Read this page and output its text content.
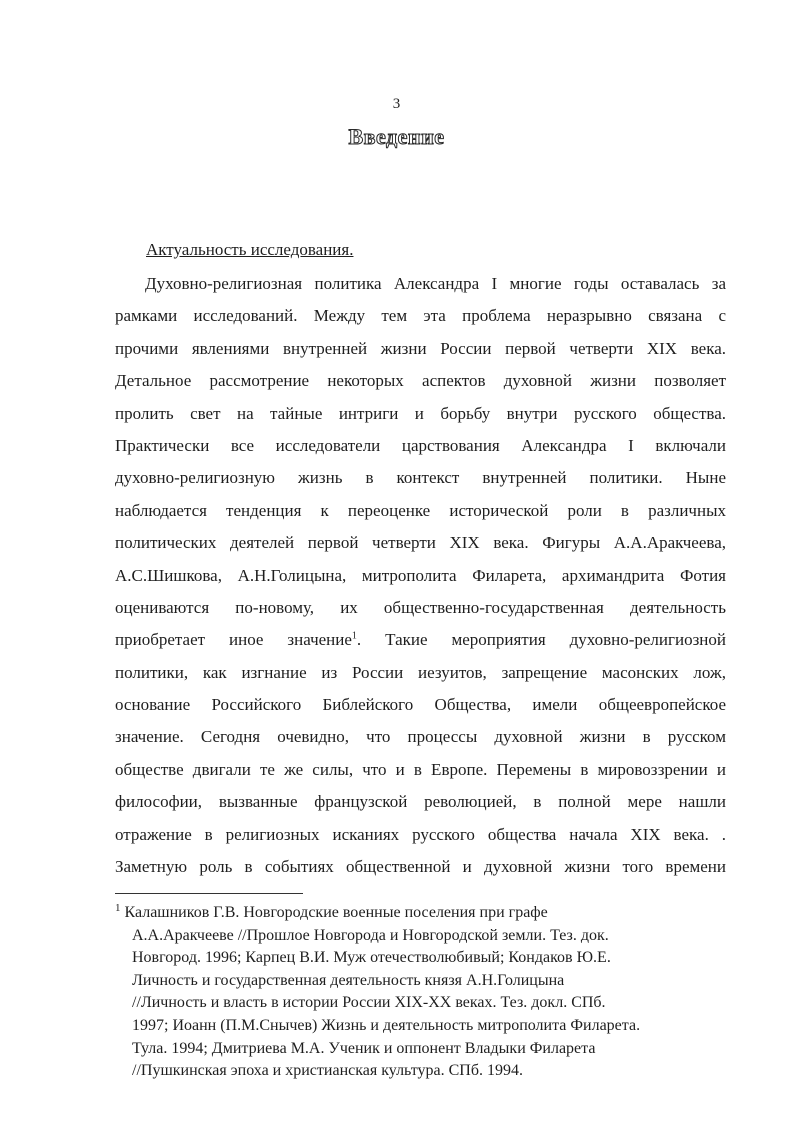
3
Введение
Актуальность исследования.
Духовно-религиозная политика Александра I многие годы оставалась за
рамками исследований. Между тем эта проблема неразрывно связана с
прочими явлениями внутренней жизни России первой четверти XIX века.
Детальное рассмотрение некоторых аспектов духовной жизни позволяет
пролить свет на тайные интриги и борьбу внутри русского общества.
Практически все исследователи царствования Александра I включали
духовно-религиозную жизнь в контекст внутренней политики. Ныне
наблюдается тенденция к переоценке исторической роли в различных
политических деятелей первой четверти XIX века. Фигуры А.А.Аракчеева,
А.С.Шишкова, А.Н.Голицына, митрополита Филарета, архимандрита Фотия
оцениваются по-новому, их общественно-государственная деятельность
приобретает иное значение$^1$. Такие мероприятия духовно-религиозной
политики, как изгнание из России иезуитов, запрещение масонских лож,
основание Российского Библейского Общества, имели общеевропейское
значение. Сегодня очевидно, что процессы духовной жизни в русском
обществе двигали те же силы, что и в Европе. Перемены в мировоззрении и
философии, вызванные французской революцией, в полной мере нашли
отражение в религиозных исканиях русского общества начала XIX века. .
Заметную роль в событиях общественной и духовной жизни того времени
$^1$ Калашников Г.В. Новгородские военные поселения при графе
А.А.Аракчееве //Прошлое Новгорода и Новгородской земли. Тез. док.
Новгород. 1996; Карпец В.И. Муж отечестволюбивый; Кондаков Ю.Е.
Личность и государственная деятельность князя А.Н.Голицына
//Личность и власть в истории России XIX-XX веках. Тез. докл. СПб.
1997; Иоанн (П.М.Снычев) Жизнь и деятельность митрополита Филарета.
Тула. 1994; Дмитриева М.А. Ученик и оппонент Владыки Филарета
//Пушкинская эпоха и христианская культура. СПб. 1994.
